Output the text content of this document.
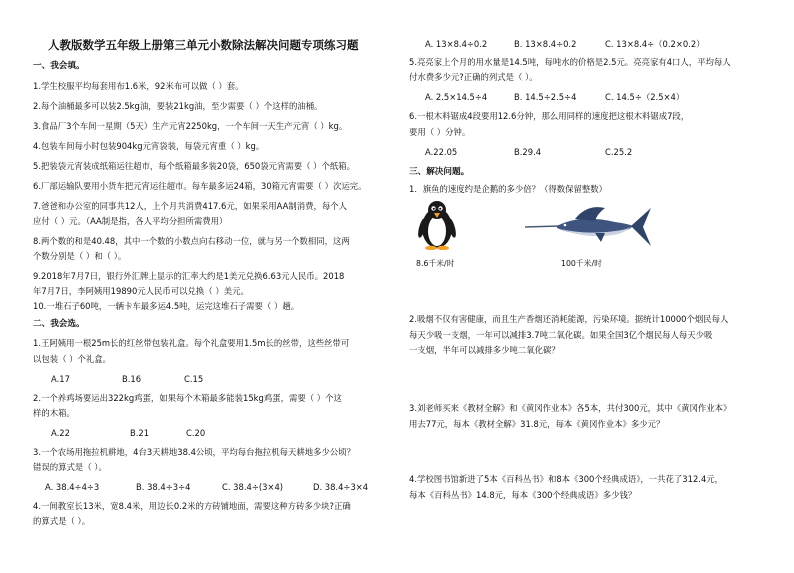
人教版数学五年级上册第三单元小数除法解决问题专项练习题
一、我会填。
1.学生校服平均每套用布1.6米，92米布可以做（ ）套。
2.每个油桶最多可以装2.5kg油，要装21kg油，至少需要（ ）个这样的油桶。
3.食品厂3个车间一星期（5天）生产元宵2250kg，一个车间一天生产元宵（ ）kg。
4.包装车间每小时包装904kg元宵袋装，每袋元宵重（ ）kg。
5.把装袋元宵装成纸箱运往超市，每个纸箱最多装20袋，650袋元宵需要（ ）个纸箱。
6.厂部运输队要用小货车把元宵运往超市。每车最多运24箱，30箱元宵需要（ ）次运完。
7.爸爸和办公室的同事共12人，上个月共消费417.6元，如果采用AA制消费，每个人
应付（ ）元。（AA制是指，各人平均分担所需费用）
8.两个数的和是40.48，其中一个数的小数点向右移动一位，就与另一个数相同，这两
个数分别是（ ）和（ ）。
9.2018年7月7日，银行外汇牌上显示的汇率大约是1美元兑换6.63元人民币。2018
年7月7日，李阿姨用19890元人民币可以兑换（ ）美元。
10.一堆石子60吨，一辆卡车最多运4.5吨，运完这堆石子需要（ ）趟。
二、我会选。
1.王阿姨用一根25m长的红丝带包装礼盒。每个礼盒要用1.5m长的丝带，这些丝带可
以包装（ ）个礼盒。
A.17	B.16	C.15
2.一个养鸡场要运出322kg鸡蛋，如果每个木箱最多能装15kg鸡蛋，需要（ ）个这
样的木箱。
A.22	B.21	C.20
3.一个农场用拖拉机耕地，4台3天耕地38.4公顷，平均每台拖拉机每天耕地多少公顷？
错误的算式是（ ）。
A. 38.4÷4÷3	B. 38.4÷3÷4	C. 38.4÷(3×4)	D. 38.4÷3×4
4.一间教室长13米，宽8.4米，用边长0.2米的方砖铺地面，需要这种方砖多少块?正确
的算式是（ ）。
A. 13×8.4÷0.2	B. 13×8.4÷0.2	C. 13×8.4÷（0.2×0.2）
5.亮亮家上个月的用水量是14.5吨，每吨水的价格是2.5元。亮亮家有4口人，平均每人
付水费多少元?正确的列式是（ ）。
A. 2.5×14.5÷4	B. 14.5÷2.5÷4	C. 14.5÷（2.5×4）
6.一根木料锯成4段要用12.6分钟，那么用同样的速度把这根木料锯成7段，
要用（ ）分钟。
A.22.05	B.29.4	C.25.2
三、解决问题。
1．旗鱼的速度约是企鹅的多少倍？（得数保留整数）
8.6千米/时	100千米/时
2.吸烟不仅有害健康，而且生产香烟还消耗能源，污染环境。据统计10000个烟民每人
每天少吸一支烟，一年可以减排3.7吨二氧化碳。如果全国3亿个烟民每人每天少吸
一支烟，半年可以减排多少吨二氧化碳？
3.刘老师买来《教材全解》和《黄冈作业本》各5本，共付300元，其中《黄冈作业本》
用去77元，每本《教材全解》31.8元，每本《黄冈作业本》多少元？
4.学校图书馆新进了5本《百科丛书》和8本《300个经典成语》，一共花了312.4元，
每本《百科丛书》14.8元，每本《300个经典成语》多少钱？
